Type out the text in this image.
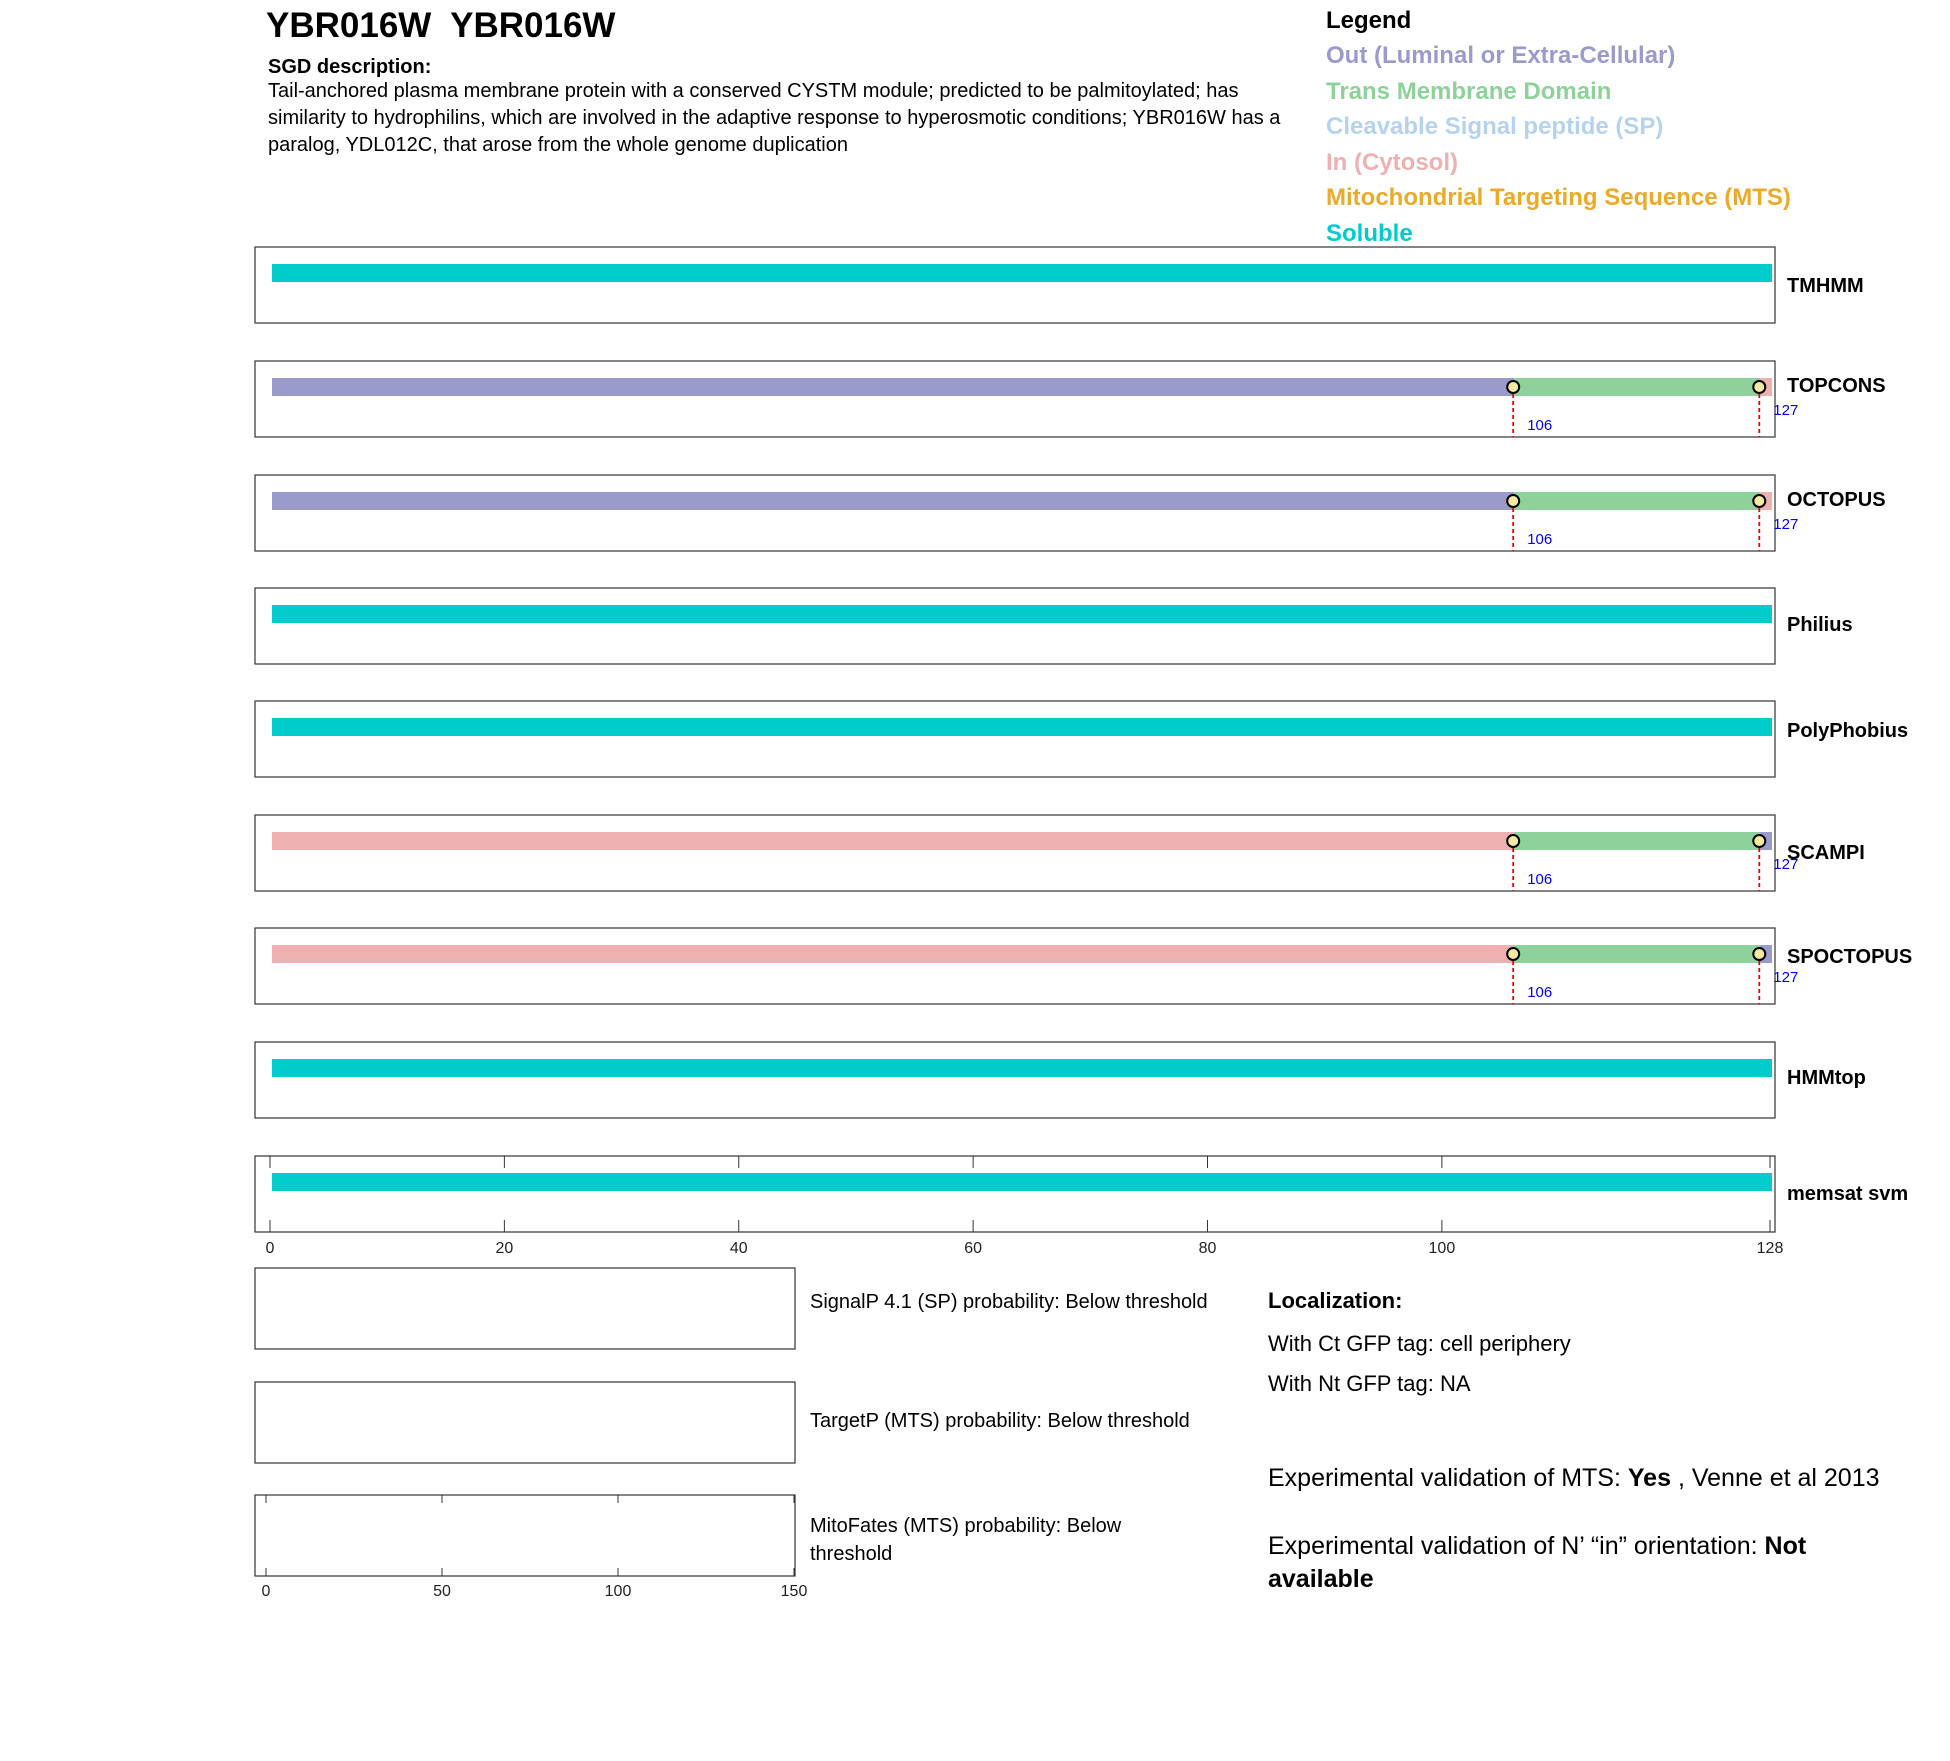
YBR016W  YBR016W
SGD description:
Tail-anchored plasma membrane protein with a conserved CYSTM module; predicted to be palmitoylated; has similarity to hydrophilins, which are involved in the adaptive response to hyperosmotic conditions; YBR016W has a paralog, YDL012C, that arose from the whole genome duplication
Legend
Out (Luminal or Extra-Cellular)
Trans Membrane Domain
Cleavable Signal peptide (SP)
In (Cytosol)
Mitochondrial Targeting Sequence (MTS)
Soluble
TMHMM
106
127
TOPCONS
106
127
OCTOPUS
Philius
PolyPhobius
106
127
SCAMPI
106
127
SPOCTOPUS
HMMtop
memsat svm
0	20	40	60	80	100	128
0	50	100	150
SignalP 4.1 (SP) probability: Below threshold
TargetP (MTS) probability: Below threshold
MitoFates (MTS) probability: Below
threshold
Localization:
With Ct GFP tag: cell periphery
With Nt GFP tag: NA
Experimental validation of MTS: Yes , Venne et al 2013
Experimental validation of N’ “in” orientation: Not available
